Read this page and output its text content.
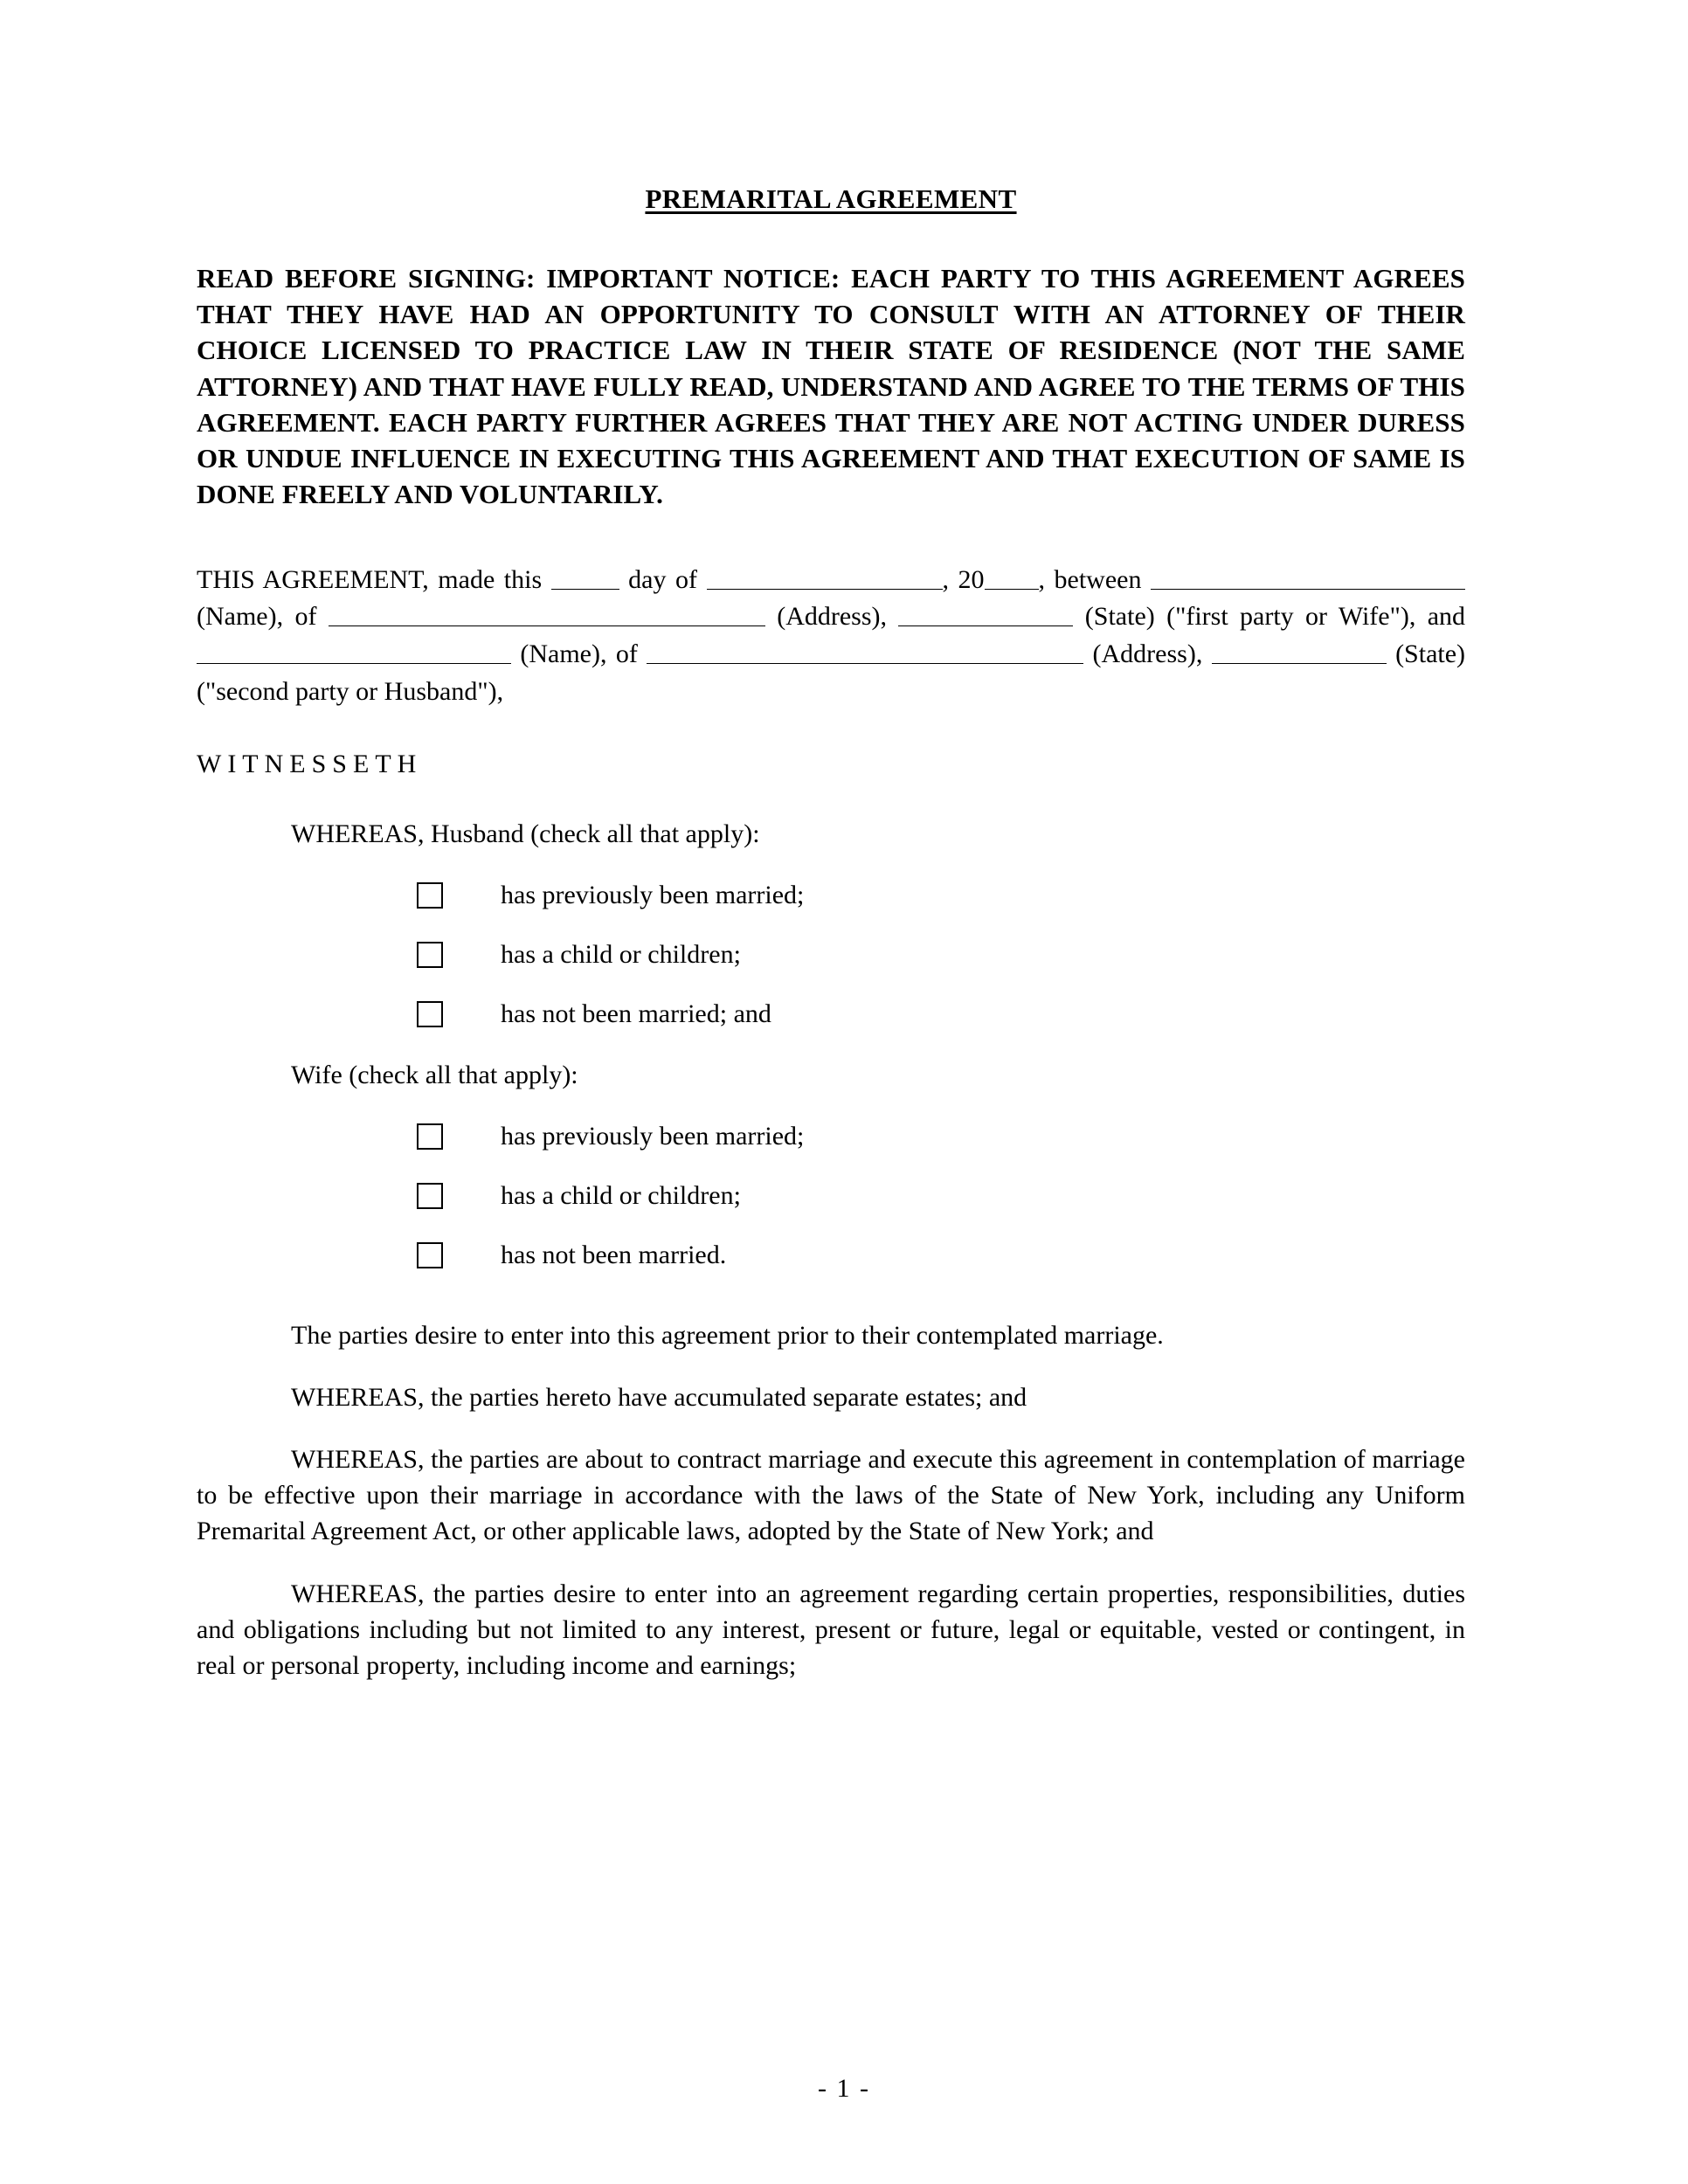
PREMARITAL AGREEMENT
READ BEFORE SIGNING: IMPORTANT NOTICE: EACH PARTY TO THIS AGREEMENT AGREES THAT THEY HAVE HAD AN OPPORTUNITY TO CONSULT WITH AN ATTORNEY OF THEIR CHOICE LICENSED TO PRACTICE LAW IN THEIR STATE OF RESIDENCE (NOT THE SAME ATTORNEY) AND THAT HAVE FULLY READ, UNDERSTAND AND AGREE TO THE TERMS OF THIS AGREEMENT. EACH PARTY FURTHER AGREES THAT THEY ARE NOT ACTING UNDER DURESS OR UNDUE INFLUENCE IN EXECUTING THIS AGREEMENT AND THAT EXECUTION OF SAME IS DONE FREELY AND VOLUNTARILY.
THIS AGREEMENT, made this	day of	, 20 , between  (Name), of	(Address),	(State) ("first party or Wife"), and  (Name), of	(Address),	(State) ("second party or Husband"),
WITNESSETH
WHEREAS, Husband (check all that apply):
has previously been married;
has a child or children;
has not been married; and
Wife (check all that apply):
has previously been married;
has a child or children;
has not been married.
The parties desire to enter into this agreement prior to their contemplated marriage.
WHEREAS, the parties hereto have accumulated separate estates; and
WHEREAS, the parties are about to contract marriage and execute this agreement in contemplation of marriage to be effective upon their marriage in accordance with the laws of the State of New York, including any Uniform Premarital Agreement Act, or other applicable laws, adopted by the State of New York; and
WHEREAS, the parties desire to enter into an agreement regarding certain properties, responsibilities, duties and obligations including but not limited to any interest, present or future, legal or equitable, vested or contingent, in real or personal property, including income and earnings;
- 1 -
